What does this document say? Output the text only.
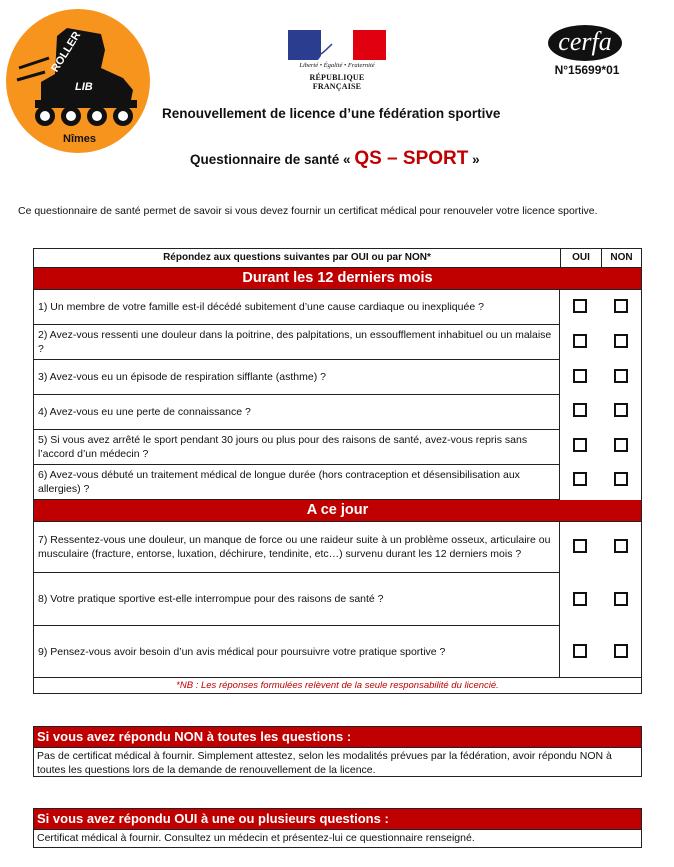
ROLLER
LIB
Nîmes
Liberté • Égalité • Fraternité
RÉPUBLIQUE FRANÇAISE
cerfa
N°15699*01
Renouvellement de licence d’une fédération sportive
Questionnaire de santé « QS – SPORT »
Ce questionnaire de santé permet de savoir si vous devez fournir un certificat médical pour renouveler votre licence sportive.
Répondez aux questions suivantes par OUI ou par NON*	OUI	NON
Durant les 12 derniers mois
1) Un membre de votre famille est-il décédé subitement d’une cause cardiaque ou inexpliquée ?
2) Avez-vous ressenti une douleur dans la poitrine, des palpitations, un essoufflement inhabituel ou un malaise ?
3) Avez-vous eu un épisode de respiration sifflante (asthme) ?
4) Avez-vous eu une perte de connaissance ?
5) Si vous avez arrêté le sport pendant 30 jours ou plus pour des raisons de santé, avez-vous repris sans l’accord d’un médecin ?
6) Avez-vous débuté un traitement médical de longue durée (hors contraception et désensibilisation aux allergies) ?
A ce jour
7) Ressentez-vous une douleur, un manque de force ou une raideur suite à un problème osseux, articulaire ou musculaire (fracture, entorse, luxation, déchirure, tendinite, etc…) survenu durant les 12 derniers mois ?
8) Votre pratique sportive est-elle interrompue pour des raisons de santé ?
9) Pensez-vous avoir besoin d’un avis médical pour poursuivre votre pratique sportive ?
*NB : Les réponses formulées relèvent de la seule responsabilité du licencié.
Si vous avez répondu NON à toutes les questions :
Pas de certificat médical à fournir. Simplement attestez, selon les modalités prévues par la fédération, avoir répondu NON à toutes les questions lors de la demande de renouvellement de la licence.
Si vous avez répondu OUI à une ou plusieurs questions :
Certificat médical à fournir. Consultez un médecin et présentez-lui ce questionnaire renseigné.
